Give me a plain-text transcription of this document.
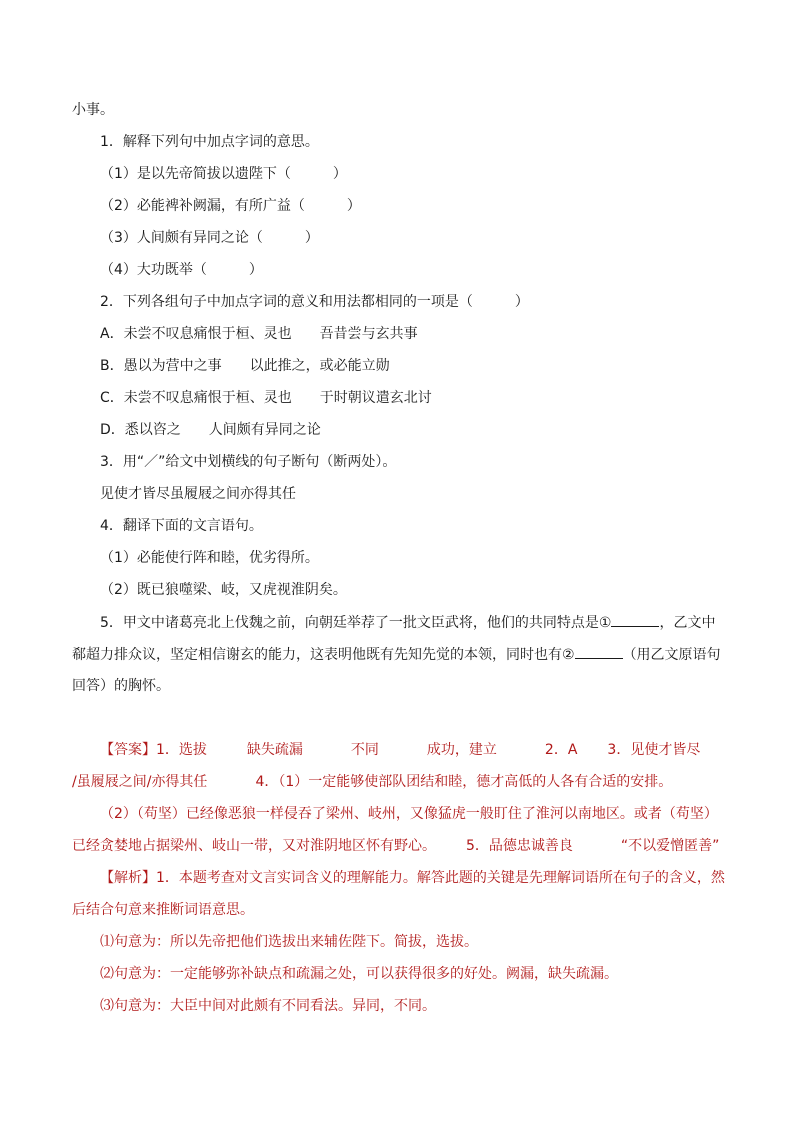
小事。
1．解释下列句中加点字词的意思。
（1）是以先帝简拔以遗陛下（　　　）
（2）必能裨补阙漏，有所广益（　　　）
（3）人间颇有异同之论（　　　）
（4）大功既举（　　　）
2．下列各组句子中加点字词的意义和用法都相同的一项是（　　　）
A．未尝不叹息痛恨于桓、灵也 吾昔尝与玄共事
B．愚以为营中之事 以此推之，或必能立勋
C．未尝不叹息痛恨于桓、灵也 于时朝议遣玄北讨
D．悉以咨之 人间颇有异同之论
3．用“／”给文中划横线的句子断句（断两处）。
见使才皆尽虽履屐之间亦得其任
4．翻译下面的文言语句。
（1）必能使行阵和睦，优劣得所。
（2）既已狼噬梁、岐，又虎视淮阴矣。
5．甲文中诸葛亮北上伐魏之前，向朝廷举荐了一批文臣武将，他们的共同特点是①	，乙文中
郗超力排众议，坚定相信谢玄的能力，这表明他既有先知先觉的本领，同时也有②	（用乙文原语句
回答）的胸怀。
【答案】1．选拔	缺失疏漏	不同	成功，建立	2．A 3．见使才皆尽
/虽履屐之间/亦得其任	4．（1）一定能够使部队团结和睦，德才高低的人各有合适的安排。
（2）（苟坚）已经像恶狼一样侵吞了梁州、岐州，又像猛虎一般盯住了淮河以南地区。或者（苟坚）
已经贪婪地占据梁州、岐山一带，又对淮阴地区怀有野心。 5．品德忠诚善良	“不以爱憎匿善”
【解析】1．本题考查对文言实词含义的理解能力。解答此题的关键是先理解词语所在句子的含义，然
后结合句意来推断词语意思。
⑴句意为：所以先帝把他们选拔出来辅佐陛下。简拔，选拔。
⑵句意为：一定能够弥补缺点和疏漏之处，可以获得很多的好处。阙漏，缺失疏漏。
⑶句意为：大臣中间对此颇有不同看法。异同，不同。
